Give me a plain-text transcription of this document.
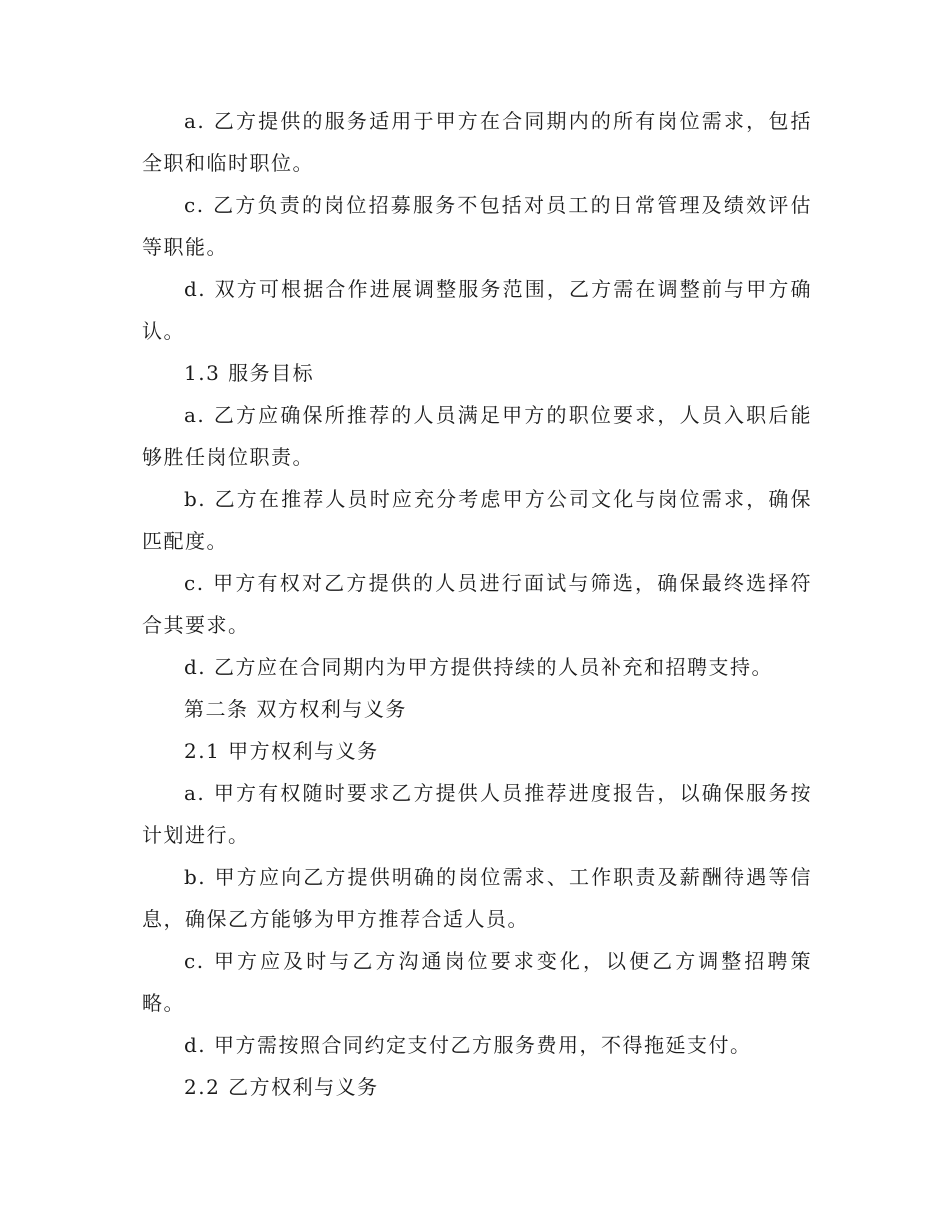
a. 乙方提供的服务适用于甲方在合同期内的所有岗位需求，包括全职和临时职位。

c. 乙方负责的岗位招募服务不包括对员工的日常管理及绩效评估等职能。

d. 双方可根据合作进展调整服务范围，乙方需在调整前与甲方确认。

1.3 服务目标

a. 乙方应确保所推荐的人员满足甲方的职位要求，人员入职后能够胜任岗位职责。

b. 乙方在推荐人员时应充分考虑甲方公司文化与岗位需求，确保匹配度。

c. 甲方有权对乙方提供的人员进行面试与筛选，确保最终选择符合其要求。

d. 乙方应在合同期内为甲方提供持续的人员补充和招聘支持。

第二条 双方权利与义务

2.1 甲方权利与义务

a. 甲方有权随时要求乙方提供人员推荐进度报告，以确保服务按计划进行。

b. 甲方应向乙方提供明确的岗位需求、工作职责及薪酬待遇等信息，确保乙方能够为甲方推荐合适人员。

c. 甲方应及时与乙方沟通岗位要求变化，以便乙方调整招聘策略。

d. 甲方需按照合同约定支付乙方服务费用，不得拖延支付。

2.2 乙方权利与义务
